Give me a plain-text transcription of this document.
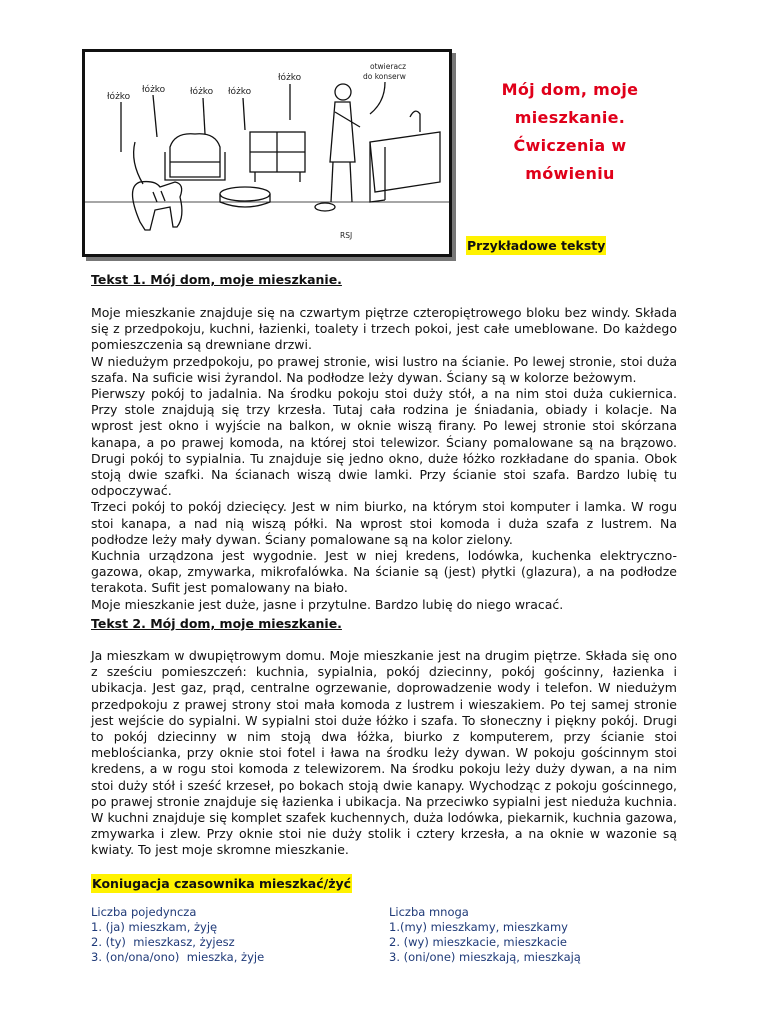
łóżko
łóżko	łóżko łóżko
łóżko
otwieracz
do konserw
RSJ
Mój dom, moje
mieszkanie.
Ćwiczenia w
mówieniu
Przykładowe teksty
Tekst 1. Mój dom, moje mieszkanie.

Moje mieszkanie znajduje się na czwartym piętrze czteropiętrowego bloku bez windy. Składa się z przedpokoju, kuchni, łazienki, toalety i trzech pokoi, jest całe umeblowane. Do każdego pomieszczenia są drewniane drzwi.

W niedużym przedpokoju, po prawej stronie, wisi lustro na ścianie. Po lewej stronie, stoi duża szafa. Na suficie wisi żyrandol. Na podłodze leży dywan. Ściany są w kolorze beżowym.

Pierwszy pokój to jadalnia. Na środku pokoju stoi duży stół, a na nim stoi duża cukiernica. Przy stole znajdują się trzy krzesła. Tutaj cała rodzina je śniadania, obiady i kolacje. Na wprost jest okno i wyjście na balkon, w oknie wiszą firany. Po lewej stronie stoi skórzana kanapa, a po prawej komoda, na której stoi telewizor. Ściany pomalowane są na brązowo. Drugi pokój to sypialnia. Tu znajduje się jedno okno, duże łóżko rozkładane do spania. Obok stoją dwie szafki. Na ścianach wiszą dwie lamki. Przy ścianie stoi szafa. Bardzo lubię tu odpoczywać.

Trzeci pokój to pokój dziecięcy. Jest w nim biurko, na którym stoi komputer i lamka. W rogu stoi kanapa, a nad nią wiszą półki. Na wprost stoi komoda i duża szafa z lustrem. Na podłodze leży mały dywan. Ściany pomalowane są na kolor zielony.

Kuchnia urządzona jest wygodnie. Jest w niej kredens, lodówka, kuchenka elektryczno-gazowa, okap, zmywarka, mikrofalówka. Na ścianie są (jest) płytki (glazura), a na podłodze terakota. Sufit jest pomalowany na biało.

Moje mieszkanie jest duże, jasne i przytulne. Bardzo lubię do niego wracać.

Tekst 2. Mój dom, moje mieszkanie.

Ja mieszkam w dwupiętrowym domu. Moje mieszkanie jest na drugim piętrze. Składa się ono z sześciu pomieszczeń: kuchnia, sypialnia, pokój dziecinny, pokój gościnny, łazienka i ubikacja. Jest gaz, prąd, centralne ogrzewanie, doprowadzenie wody i telefon. W niedużym przedpokoju z prawej strony stoi mała komoda z lustrem i wieszakiem. Po tej samej stronie jest wejście do sypialni. W sypialni stoi duże łóżko i szafa. To słoneczny i piękny pokój. Drugi to pokój dziecinny w nim stoją dwa łóżka, biurko z komputerem, przy ścianie stoi meblościanka, przy oknie stoi fotel i ława na środku leży dywan. W pokoju gościnnym stoi kredens, a w rogu stoi komoda z telewizorem. Na środku pokoju leży duży dywan, a na nim stoi duży stół i sześć krzeseł, po bokach stoją dwie kanapy. Wychodząc z pokoju gościnnego, po prawej stronie znajduje się łazienka i ubikacja. Na przeciwko sypialni jest nieduża kuchnia. W kuchni znajduje się komplet szafek kuchennych, duża lodówka, piekarnik, kuchnia gazowa, zmywarka i zlew. Przy oknie stoi nie duży stolik i cztery krzesła, a na oknie w wazonie są kwiaty. To jest moje skromne mieszkanie.

Koniugacja czasownika mieszkać/żyć
Liczba pojedyncza
1. (ja) mieszkam, żyję
2. (ty)  mieszkasz, żyjesz
3. (on/ona/ono)  mieszka, żyje
Liczba mnoga
1.(my) mieszkamy, mieszkamy
2. (wy) mieszkacie, mieszkacie
3. (oni/one) mieszkają, mieszkają
